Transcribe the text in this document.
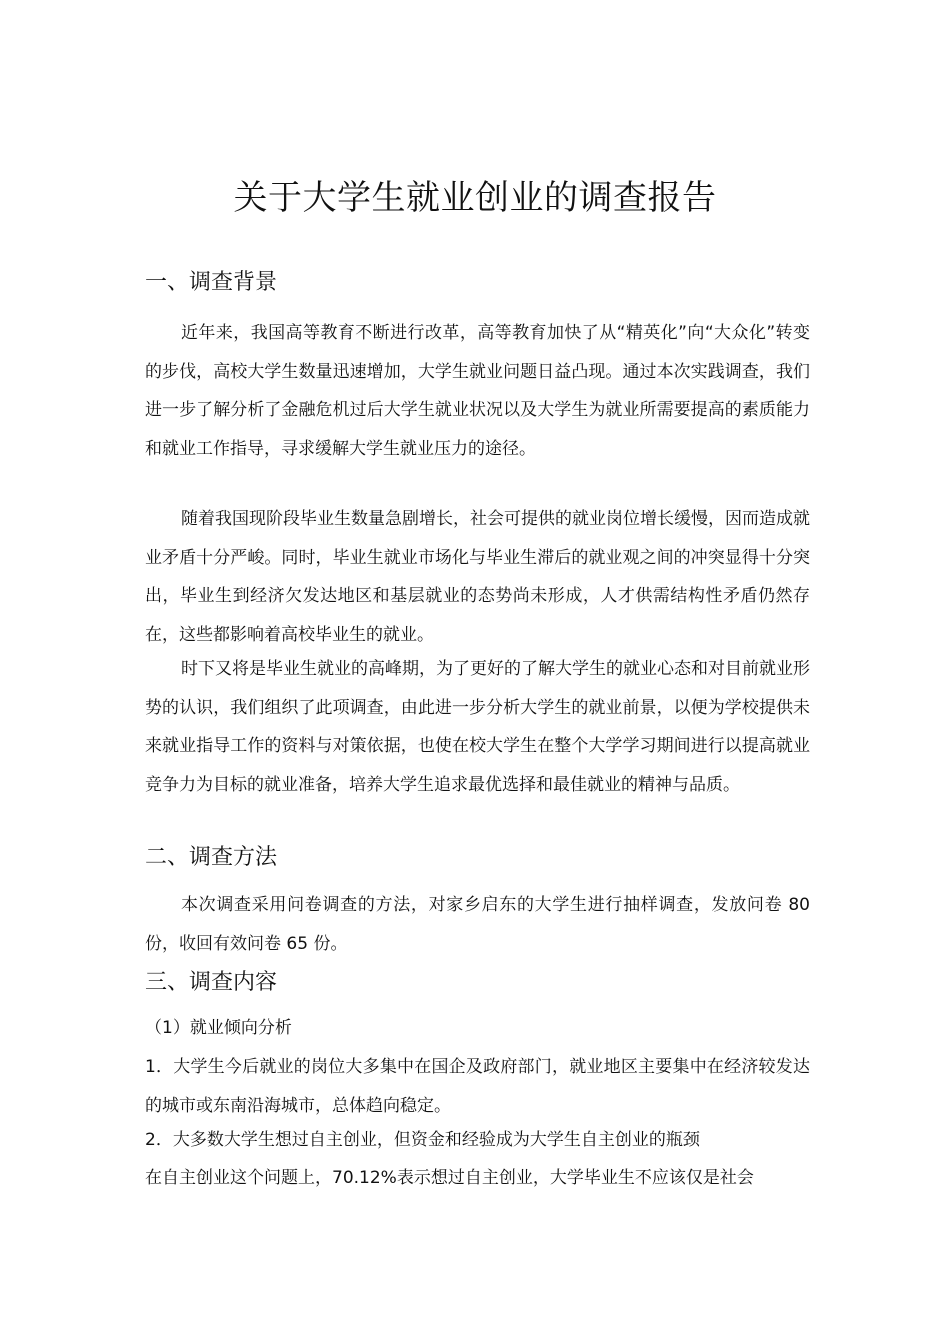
关于大学生就业创业的调查报告
一、调查背景

近年来，我国高等教育不断进行改革，高等教育加快了从“精英化”向“大众化”转变的步伐，高校大学生数量迅速增加，大学生就业问题日益凸现。通过本次实践调查，我们进一步了解分析了金融危机过后大学生就业状况以及大学生为就业所需要提高的素质能力和就业工作指导，寻求缓解大学生就业压力的途径。

随着我国现阶段毕业生数量急剧增长，社会可提供的就业岗位增长缓慢，因而造成就业矛盾十分严峻。同时，毕业生就业市场化与毕业生滞后的就业观之间的冲突显得十分突出，毕业生到经济欠发达地区和基层就业的态势尚未形成，人才供需结构性矛盾仍然存在，这些都影响着高校毕业生的就业。

时下又将是毕业生就业的高峰期，为了更好的了解大学生的就业心态和对目前就业形势的认识，我们组织了此项调查，由此进一步分析大学生的就业前景，以便为学校提供未来就业指导工作的资料与对策依据，也使在校大学生在整个大学学习期间进行以提高就业竞争力为目标的就业准备，培养大学生追求最优选择和最佳就业的精神与品质。

二、调查方法

本次调查采用问卷调查的方法，对家乡启东的大学生进行抽样调查，发放问卷 80 份，收回有效问卷 65 份。

三、调查内容

（1）就业倾向分析

1．大学生今后就业的岗位大多集中在国企及政府部门，就业地区主要集中在经济较发达的城市或东南沿海城市，总体趋向稳定。

2．大多数大学生想过自主创业，但资金和经验成为大学生自主创业的瓶颈

在自主创业这个问题上，70.12%表示想过自主创业，大学毕业生不应该仅是社会
